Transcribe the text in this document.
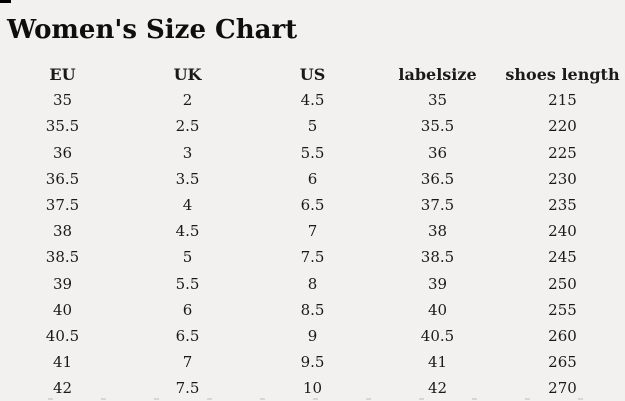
Women's Size Chart
EU	UK	US	labelsize	shoes length
35	2	4.5	35	215
35.5	2.5	5	35.5	220
36	3	5.5	36	225
36.5	3.5	6	36.5	230
37.5	4	6.5	37.5	235
38	4.5	7	38	240
38.5	5	7.5	38.5	245
39	5.5	8	39	250
40	6	8.5	40	255
40.5	6.5	9	40.5	260
41	7	9.5	41	265
42	7.5	10	42	270
